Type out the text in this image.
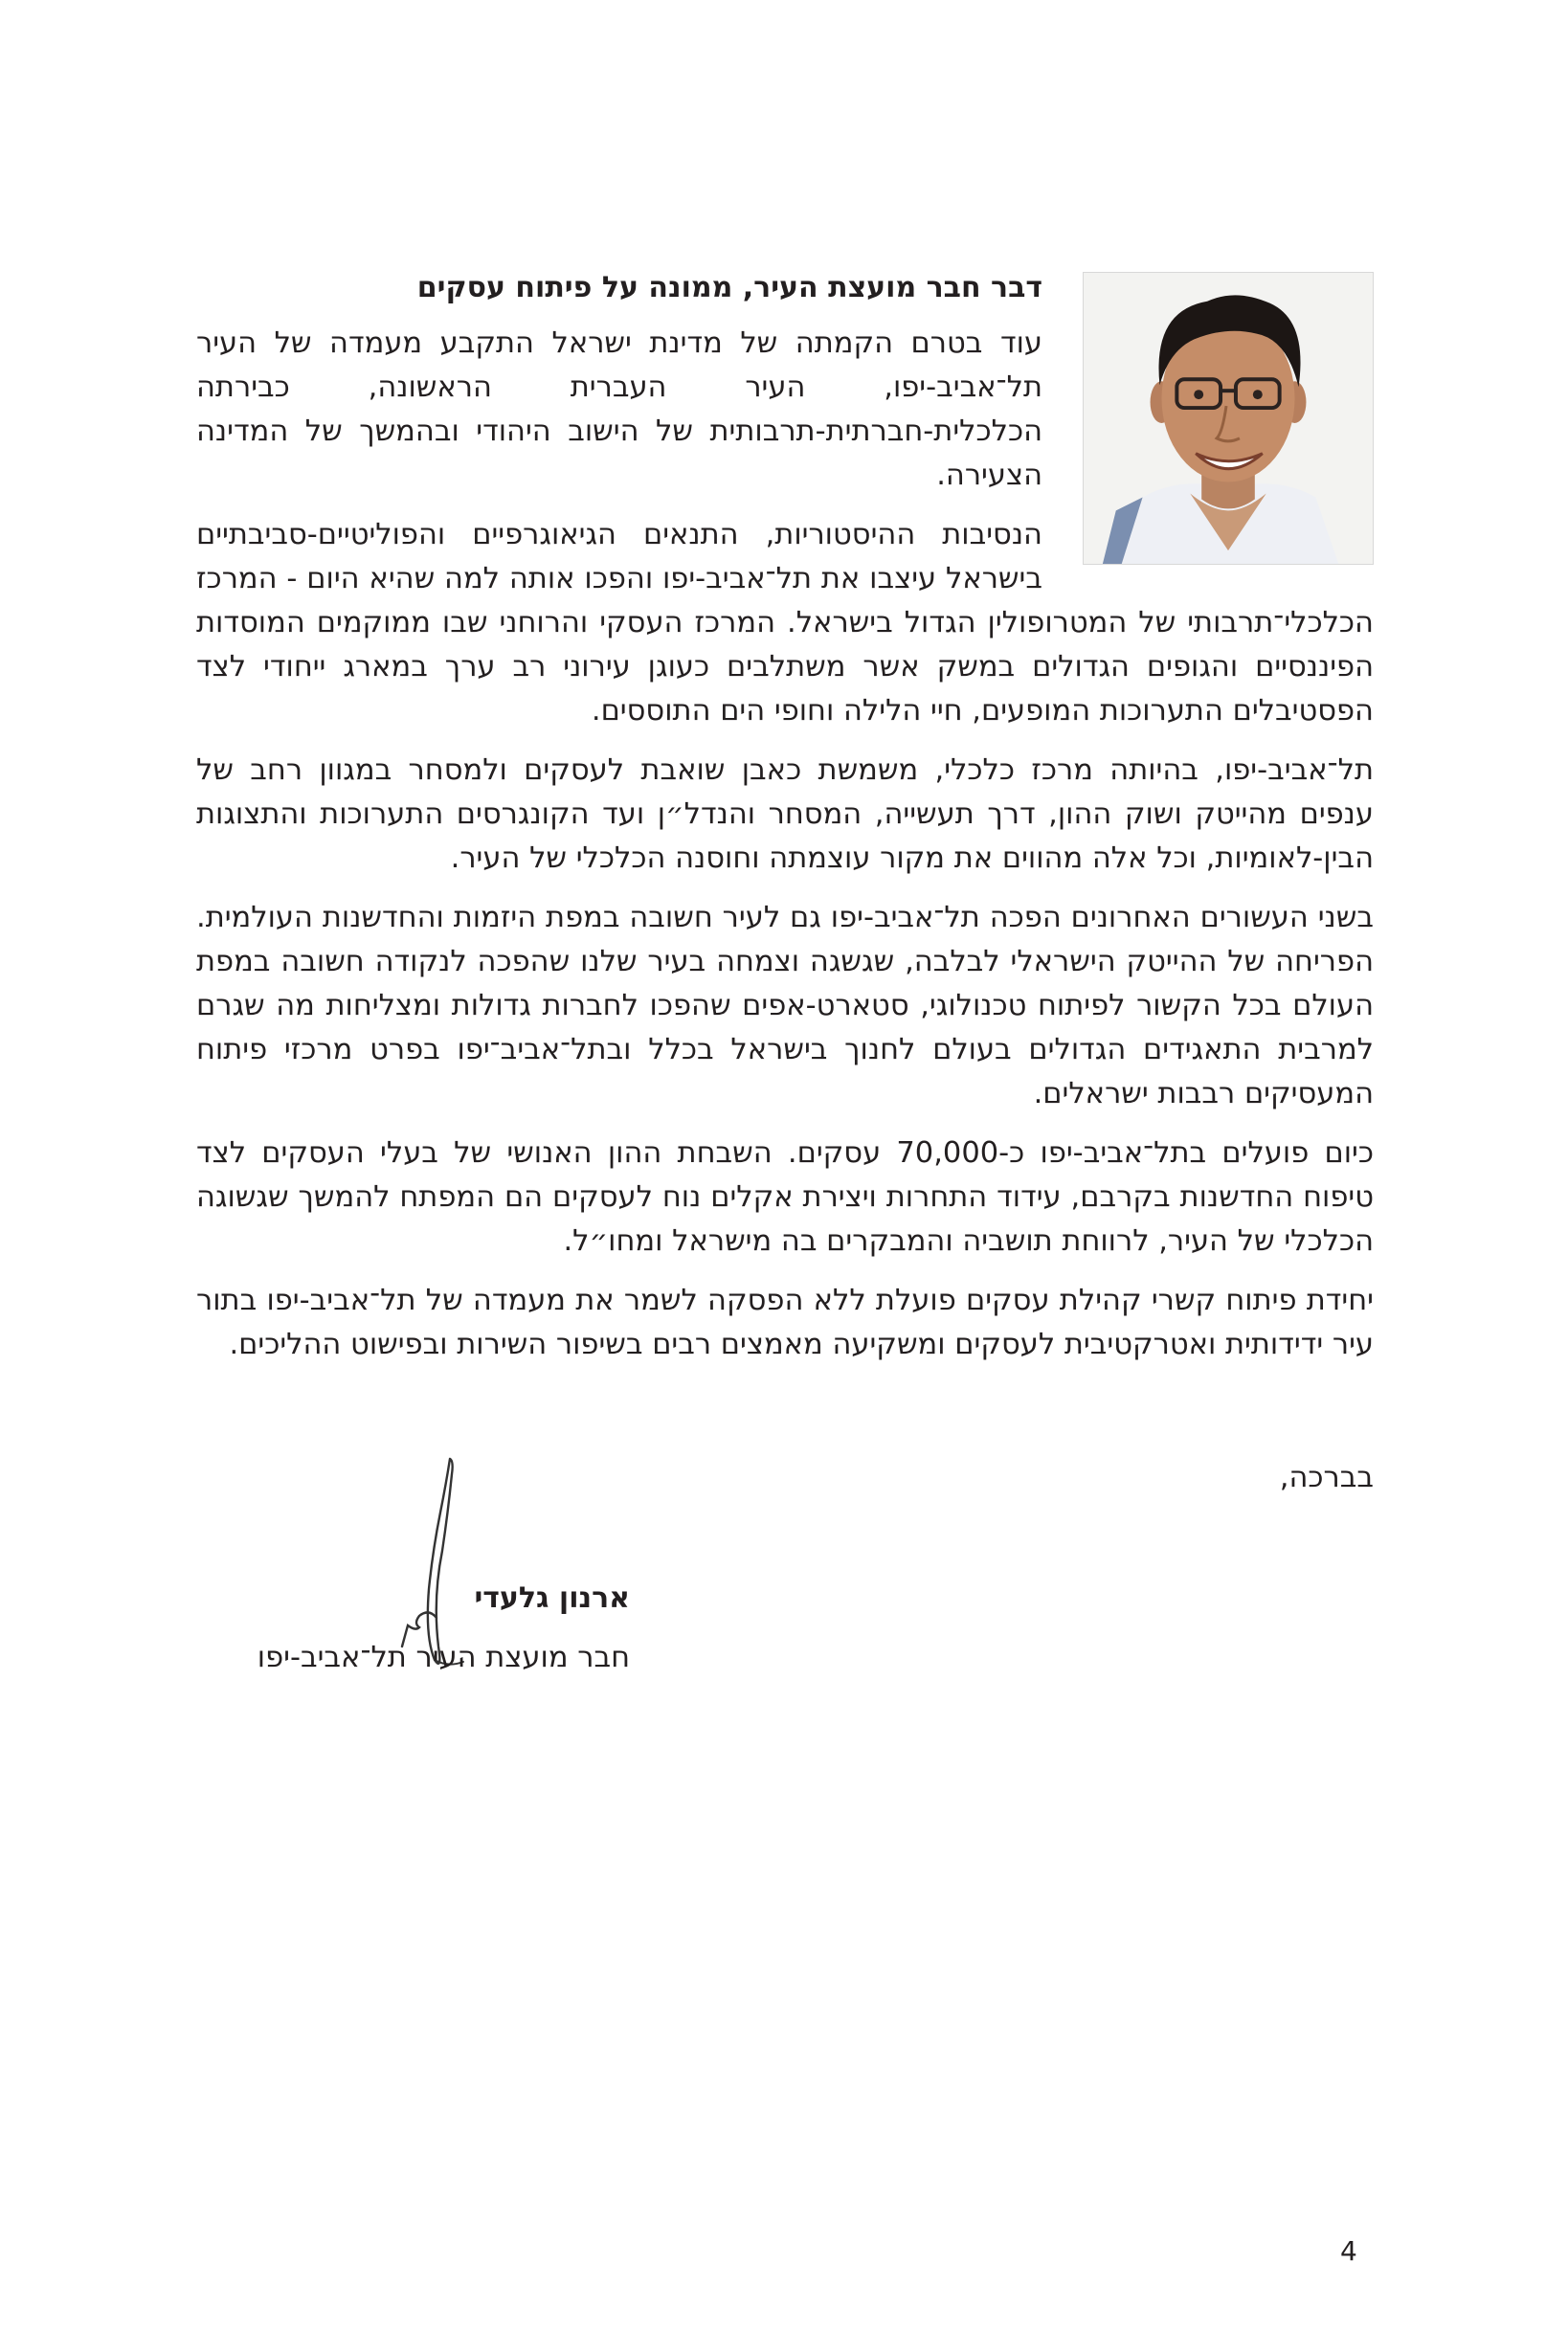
דבר חבר מועצת העיר, ממונה על פיתוח עסקים

עוד בטרם הקמתה של מדינת ישראל התקבע מעמדה של העיר תל־אביב-יפו, העיר העברית הראשונה, כבירתה הכלכלית-חברתית-תרבותית של הישוב היהודי ובהמשך של המדינה הצעירה.

הנסיבות ההיסטוריות, התנאים הגיאוגרפיים והפוליטיים-סביבתיים בישראל עיצבו את תל־אביב-יפו והפכו אותה למה שהיא היום - המרכז הכלכלי־תרבותי של המטרופולין הגדול בישראל. המרכז העסקי והרוחני שבו ממוקמים המוסדות הפיננסיים והגופים הגדולים במשק אשר משתלבים כעוגן עירוני רב ערך במארג ייחודי לצד הפסטיבלים התערוכות המופעים, חיי הלילה וחופי הים התוססים.

תל־אביב-יפו, בהיותה מרכז כלכלי, משמשת כאבן שואבת לעסקים ולמסחר במגוון רחב של ענפים מהייטק ושוק ההון, דרך תעשייה, המסחר והנדל״ן ועד הקונגרסים התערוכות והתצוגות הבין-לאומיות, וכל אלה מהווים את מקור עוצמתה וחוסנה הכלכלי של העיר.

בשני העשורים האחרונים הפכה תל־אביב-יפו גם לעיר חשובה במפת היזמות והחדשנות העולמית. הפריחה של ההייטק הישראלי לבלבה, שגשגה וצמחה בעיר שלנו שהפכה לנקודה חשובה במפת העולם בכל הקשור לפיתוח טכנולוגי, סטארט-אפים שהפכו לחברות גדולות ומצליחות מה שגרם למרבית התאגידים הגדולים בעולם לחנוך בישראל בכלל ובתל־אביב־יפו בפרט מרכזי פיתוח המעסיקים רבבות ישראלים.

כיום פועלים בתל־אביב-יפו כ-70,000 עסקים. השבחת ההון האנושי של בעלי העסקים לצד טיפוח החדשנות בקרבם, עידוד התחרות ויצירת אקלים נוח לעסקים הם המפתח להמשך שגשוגה הכלכלי של העיר, לרווחת תושביה והמבקרים בה מישראל ומחו״ל.

יחידת פיתוח קשרי קהילת עסקים פועלת ללא הפסקה לשמר את מעמדה של תל־אביב-יפו בתור עיר ידידותית ואטרקטיבית לעסקים ומשקיעה מאמצים רבים בשיפור השירות ובפישוט ההליכים.

בברכה,
ארנון גלעדי
חבר מועצת העיר תל־אביב-יפו
4
